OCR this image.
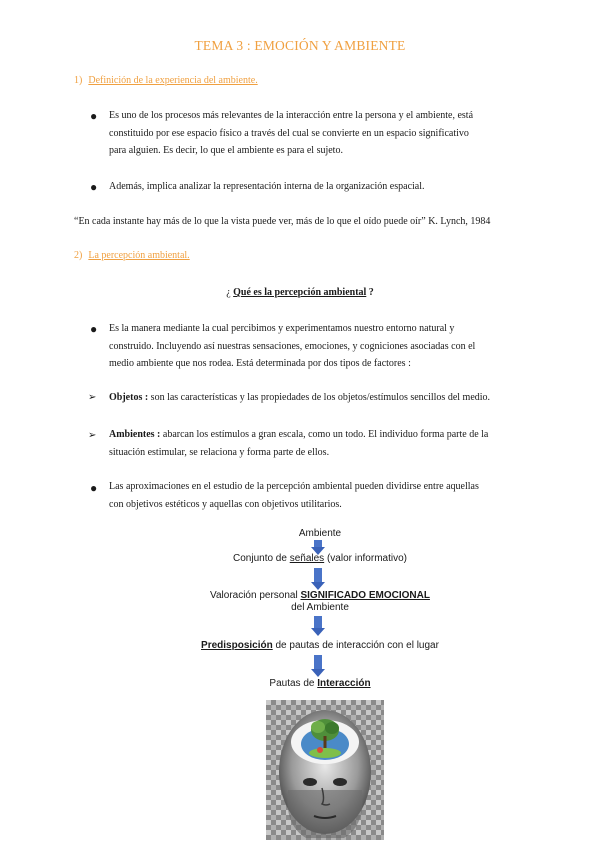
TEMA 3 : EMOCIÓN Y AMBIENTE
1) Definición de la experiencia del ambiente.
● Es uno de los procesos más relevantes de la interacción entre la persona y el ambiente, está
constituido por ese espacio físico a través del cual se convierte en un espacio significativo
para alguien. Es decir, lo que el ambiente es para el sujeto.
● Además, implica analizar la representación interna de la organización espacial.
“En cada instante hay más de lo que la vista puede ver, más de lo que el oído puede oír” K. Lynch, 1984
2) La percepción ambiental.
¿ Qué es la percepción ambiental ?
● Es la manera mediante la cual percibimos y experimentamos nuestro entorno natural y
construido. Incluyendo así nuestras sensaciones, emociones, y cogniciones asociadas con el
medio ambiente que nos rodea. Está determinada por dos tipos de factores :
➢ Objetos : son las características y las propiedades de los objetos/estímulos sencillos del medio.
➢ Ambientes : abarcan los estímulos a gran escala, como un todo. El individuo forma parte de la
situación estimular, se relaciona y forma parte de ellos.
● Las aproximaciones en el estudio de la percepción ambiental pueden dividirse entre aquellas
con objetivos estéticos y aquellas con objetivos utilitarios.
Ambiente
Conjunto de señales (valor informativo)
Valoración personal SIGNIFICADO EMOCIONAL
del Ambiente
Predisposición de pautas de interacción con el lugar
Pautas de Interacción
